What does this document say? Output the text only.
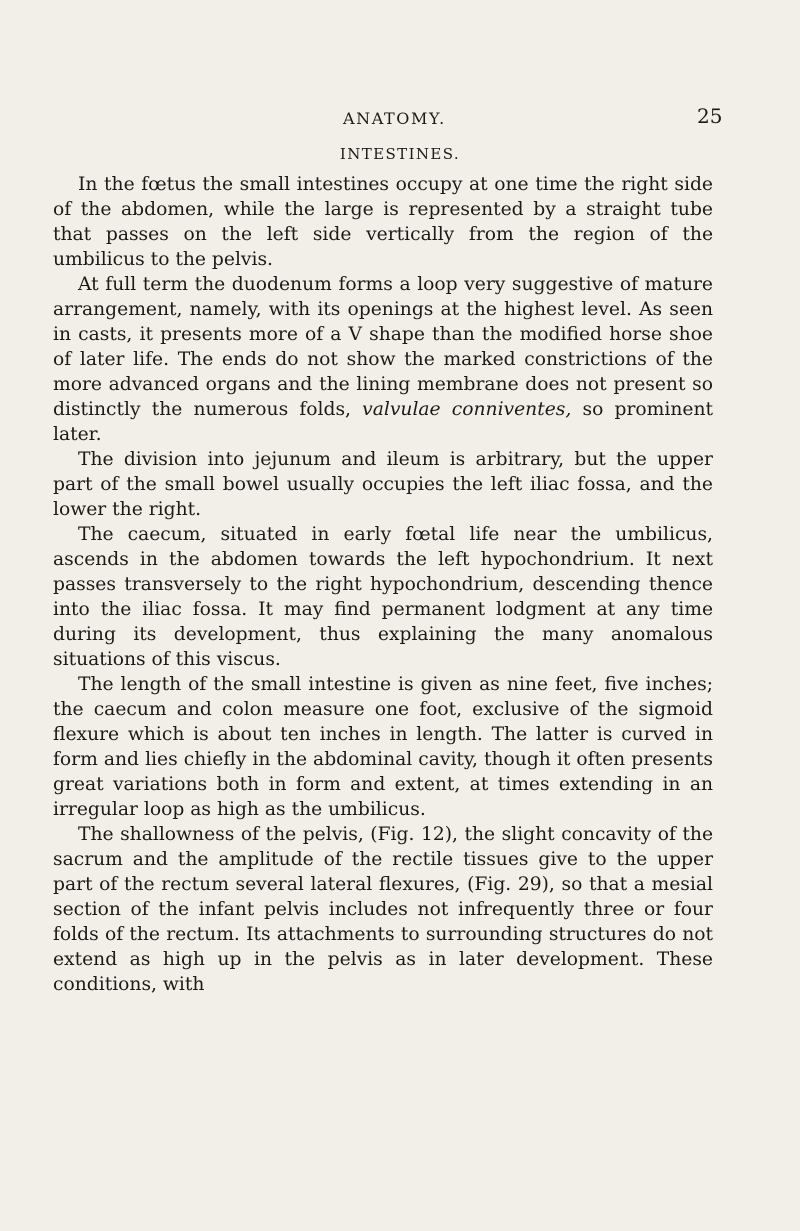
ANATOMY.	25
INTESTINES.

In the fœtus the small intestines occupy at one time the right side of the abdomen, while the large is represented by a straight tube that passes on the left side vertically from the region of the umbilicus to the pelvis.

At full term the duodenum forms a loop very suggestive of mature arrangement, namely, with its openings at the highest level. As seen in casts, it presents more of a V shape than the modified horse shoe of later life. The ends do not show the marked constrictions of the more advanced organs and the lining membrane does not present so distinctly the numerous folds, valvulae conniventes, so prominent later.

The division into jejunum and ileum is arbitrary, but the upper part of the small bowel usually occupies the left iliac fossa, and the lower the right.

The caecum, situated in early fœtal life near the umbilicus, ascends in the abdomen towards the left hypochondrium. It next passes transversely to the right hypochondrium, descending thence into the iliac fossa. It may find permanent lodgment at any time during its development, thus explaining the many anomalous situations of this viscus.

The length of the small intestine is given as nine feet, five inches; the caecum and colon measure one foot, exclusive of the sigmoid flexure which is about ten inches in length. The latter is curved in form and lies chiefly in the abdominal cavity, though it often presents great variations both in form and extent, at times extending in an irregular loop as high as the umbilicus.

The shallowness of the pelvis, (Fig. 12), the slight concavity of the sacrum and the amplitude of the rectile tissues give to the upper part of the rectum several lateral flexures, (Fig. 29), so that a mesial section of the infant pelvis includes not infrequently three or four folds of the rectum. Its attachments to surrounding structures do not extend as high up in the pelvis as in later development. These conditions, with
